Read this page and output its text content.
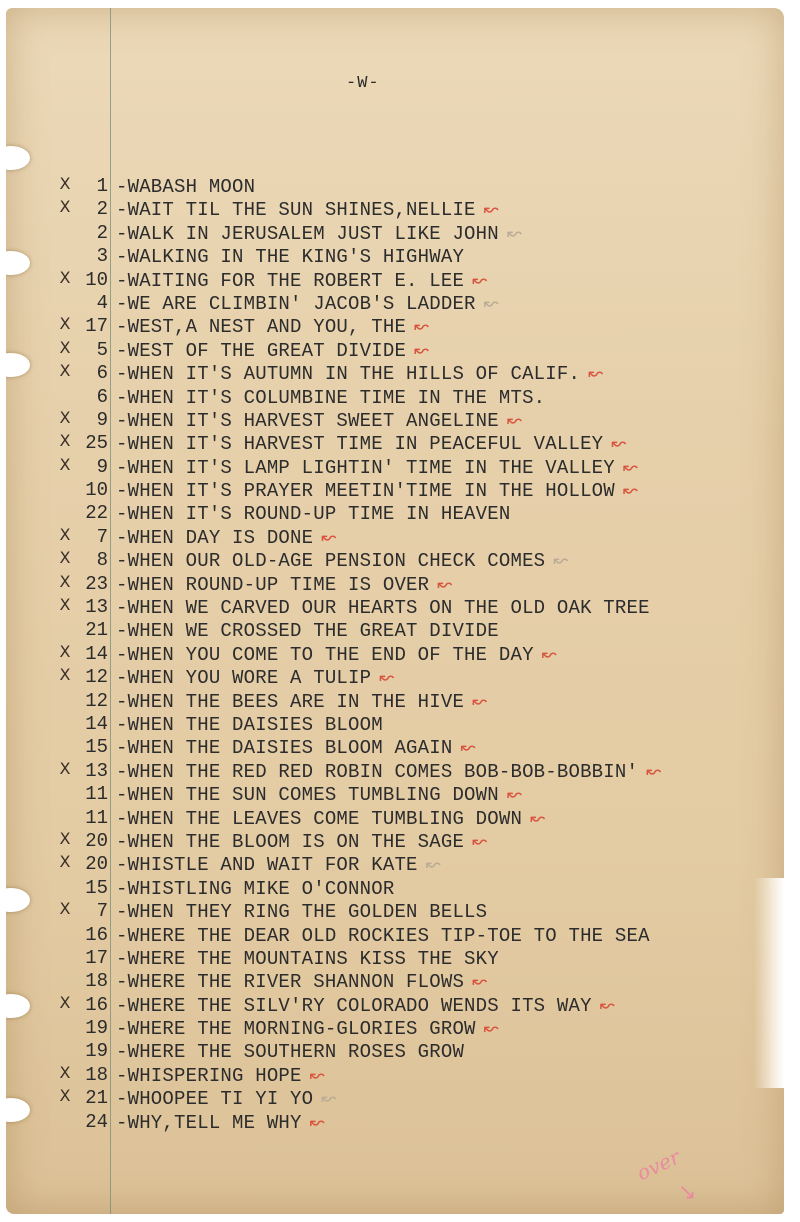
-W-
1. X	1 -WABASH MOON
2. X	2 -WAIT TIL THE SUN SHINES,NELLIE ↜
3. 2 -WALK IN JERUSALEM JUST LIKE JOHN ↜
4. 3 -WALKING IN THE KING'S HIGHWAY
5. X 10 -WAITING FOR THE ROBERT E. LEE ↜
6. 4 -WE ARE CLIMBIN' JACOB'S LADDER ↜
7. X 17 -WEST,A NEST AND YOU, THE ↜
8. X	5 -WEST OF THE GREAT DIVIDE ↜
9. X	6 -WHEN IT'S AUTUMN IN THE HILLS OF CALIF. ↜
10. 6 -WHEN IT'S COLUMBINE TIME IN THE MTS.
11. X	9 -WHEN IT'S HARVEST SWEET ANGELINE ↜
12. X 25 -WHEN IT'S HARVEST TIME IN PEACEFUL VALLEY ↜
13. X	9 -WHEN IT'S LAMP LIGHTIN' TIME IN THE VALLEY ↜
14. 10 -WHEN IT'S PRAYER MEETIN'TIME IN THE HOLLOW ↜
15. 22 -WHEN IT'S ROUND-UP TIME IN HEAVEN
16. X	7 -WHEN DAY IS DONE ↜
17. X	8 -WHEN OUR OLD-AGE PENSION CHECK COMES ↜
18. X 23 -WHEN ROUND-UP TIME IS OVER ↜
19. X 13 -WHEN WE CARVED OUR HEARTS ON THE OLD OAK TREE
20. 21 -WHEN WE CROSSED THE GREAT DIVIDE
21. X 14 -WHEN YOU COME TO THE END OF THE DAY ↜
22. X 12 -WHEN YOU WORE A TULIP ↜
23. 12 -WHEN THE BEES ARE IN THE HIVE ↜
24. 14 -WHEN THE DAISIES BLOOM
25. 15 -WHEN THE DAISIES BLOOM AGAIN ↜
26. X 13 -WHEN THE RED RED ROBIN COMES BOB-BOB-BOBBIN' ↜
27. 11 -WHEN THE SUN COMES TUMBLING DOWN ↜
28. 11 -WHEN THE LEAVES COME TUMBLING DOWN ↜
29. X 20 -WHEN THE BLOOM IS ON THE SAGE ↜
30. X 20 -WHISTLE AND WAIT FOR KATE ↜
31. 15 -WHISTLING MIKE O'CONNOR
32. X	7 -WHEN THEY RING THE GOLDEN BELLS
33. 16 -WHERE THE DEAR OLD ROCKIES TIP-TOE TO THE SEA
34. 17 -WHERE THE MOUNTAINS KISS THE SKY
35. 18 -WHERE THE RIVER SHANNON FLOWS ↜
36. X 16 -WHERE THE SILV'RY COLORADO WENDS ITS WAY ↜
37. 19 -WHERE THE MORNING-GLORIES GROW ↜
38. 19 -WHERE THE SOUTHERN ROSES GROW
39. X 18 -WHISPERING HOPE ↜
40. X 21 -WHOOPEE TI YI YO ↜
41. 24 -WHY,TELL ME WHY ↜
over
↘
